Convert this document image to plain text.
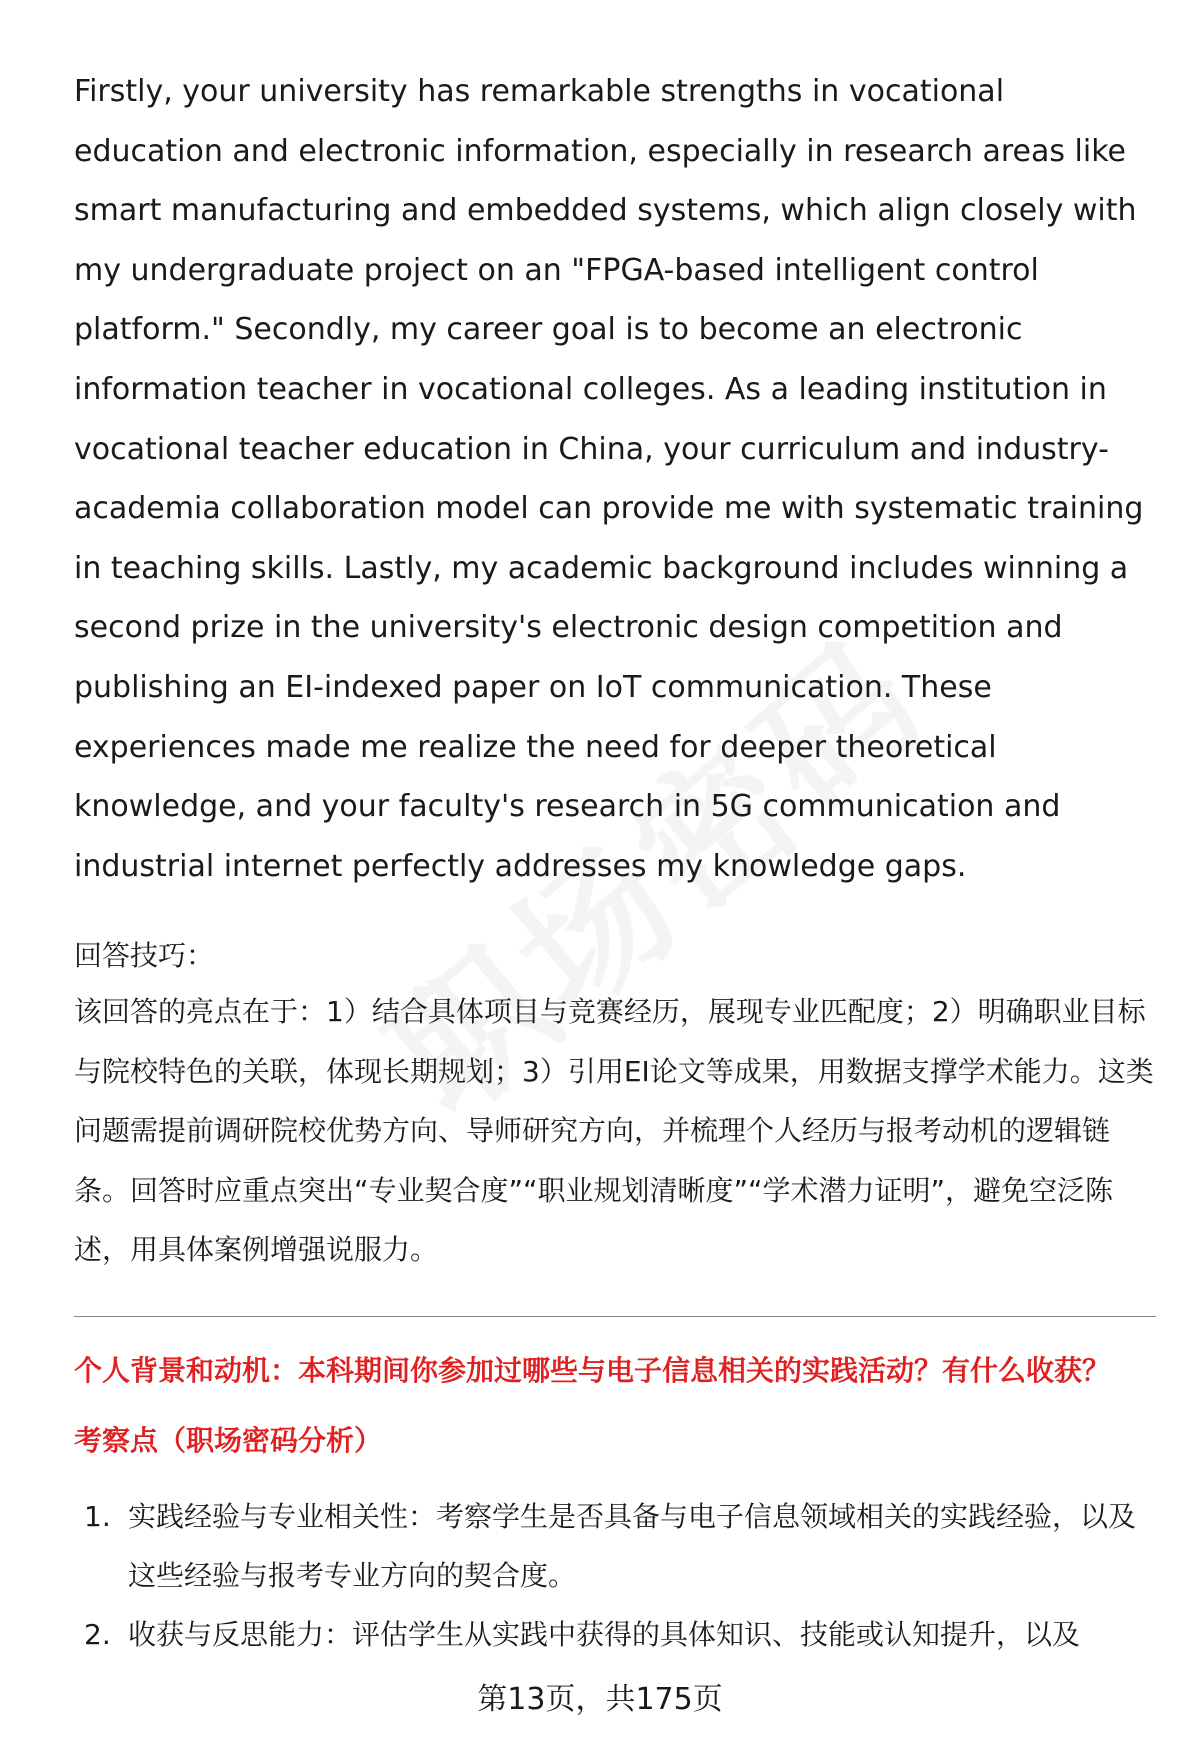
Firstly, your university has remarkable strengths in vocational education and electronic information, especially in research areas like smart manufacturing and embedded systems, which align closely with my undergraduate project on an "FPGA-based intelligent control platform." Secondly, my career goal is to become an electronic information teacher in vocational colleges. As a leading institution in vocational teacher education in China, your curriculum and industry-academia collaboration model can provide me with systematic training in teaching skills. Lastly, my academic background includes winning a second prize in the university's electronic design competition and publishing an EI-indexed paper on IoT communication. These experiences made me realize the need for deeper theoretical knowledge, and your faculty's research in 5G communication and industrial internet perfectly addresses my knowledge gaps.

回答技巧：

该回答的亮点在于：1）结合具体项目与竞赛经历，展现专业匹配度；2）明确职业目标与院校特色的关联，体现长期规划；3）引用EI论文等成果，用数据支撑学术能力。这类问题需提前调研院校优势方向、导师研究方向，并梳理个人经历与报考动机的逻辑链条。回答时应重点突出“专业契合度”“职业规划清晰度”“学术潜力证明”，避免空泛陈述，用具体案例增强说服力。

个人背景和动机：本科期间你参加过哪些与电子信息相关的实践活动？有什么收获？
考察点（职场密码分析）
1. 实践经验与专业相关性：考察学生是否具备与电子信息领域相关的实践经验，以及这些经验与报考专业方向的契合度。
2. 收获与反思能力：评估学生从实践中获得的具体知识、技能或认知提升，以及
第13页，共175页
